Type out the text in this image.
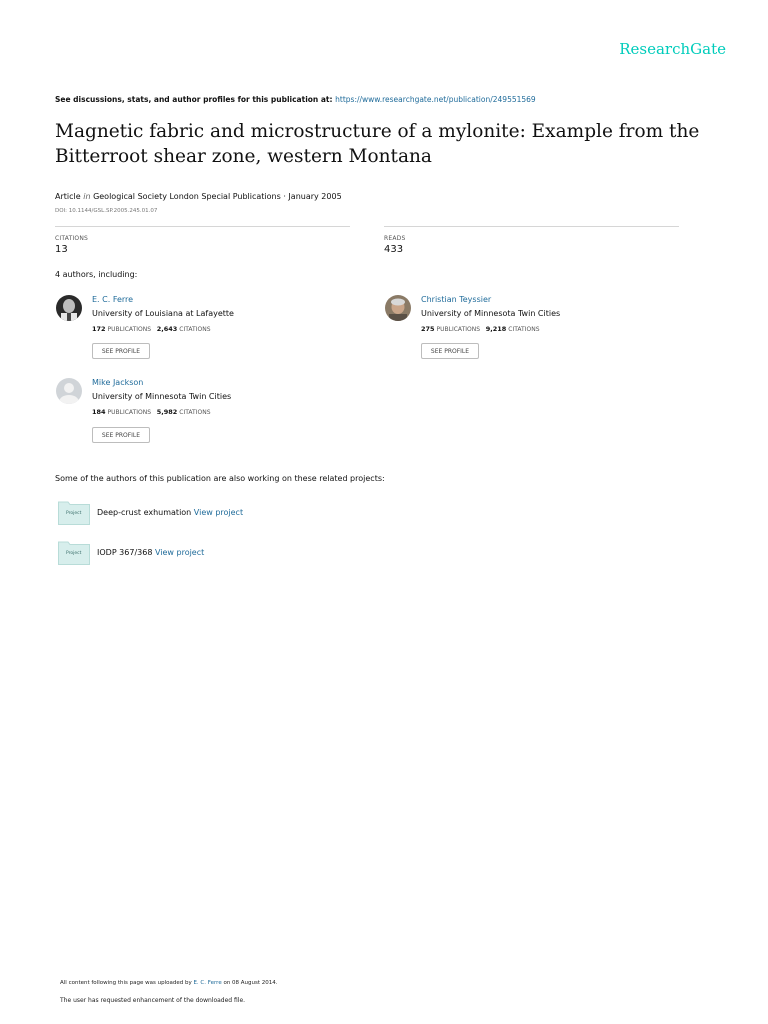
ResearchGate
See discussions, stats, and author profiles for this publication at: https://www.researchgate.net/publication/249551569
Magnetic fabric and microstructure of a mylonite: Example from the Bitterroot shear zone, western Montana
Article in Geological Society London Special Publications · January 2005
DOI: 10.1144/GSL.SP.2005.245.01.07
CITATIONS
13
READS
433
4 authors, including:
E. C. Ferre
University of Louisiana at Lafayette
172 PUBLICATIONS 2,643 CITATIONS
SEE PROFILE
Christian Teyssier
University of Minnesota Twin Cities
275 PUBLICATIONS 9,218 CITATIONS
SEE PROFILE
Mike Jackson
University of Minnesota Twin Cities
184 PUBLICATIONS 5,982 CITATIONS
SEE PROFILE
Some of the authors of this publication are also working on these related projects:
Project Deep-crust exhumation View project
Project IODP 367/368 View project
All content following this page was uploaded by E. C. Ferre on 08 August 2014.
The user has requested enhancement of the downloaded file.
